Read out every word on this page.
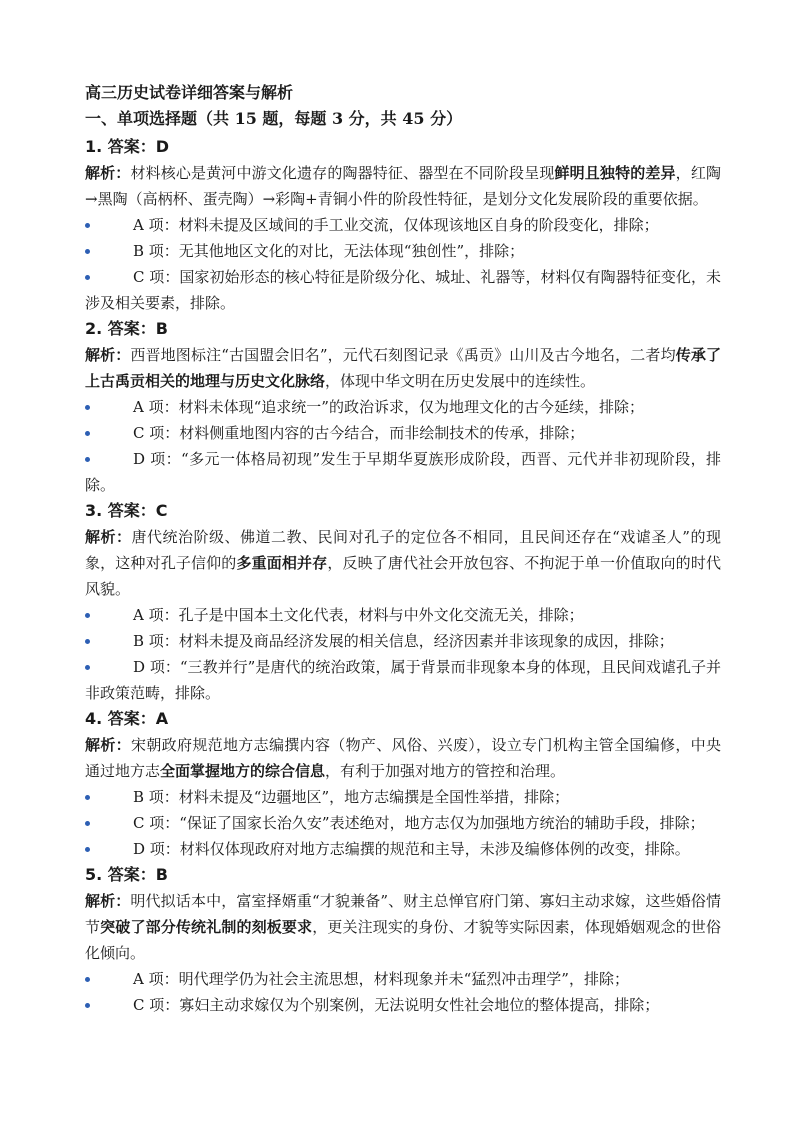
高三历史试卷详细答案与解析
一、单项选择题（共 15 题，每题 3 分，共 45 分）
1. 答案：D
解析：材料核心是黄河中游文化遗存的陶器特征、器型在不同阶段呈现鲜明且独特的差异，红陶→黑陶（高柄杯、蛋壳陶）→彩陶+青铜小件的阶段性特征，是划分文化发展阶段的重要依据。
A 项：材料未提及区域间的手工业交流，仅体现该地区自身的阶段变化，排除；
B 项：无其他地区文化的对比，无法体现“独创性”，排除；
C 项：国家初始形态的核心特征是阶级分化、城址、礼器等，材料仅有陶器特征变化，未涉及相关要素，排除。
2. 答案：B
解析：西晋地图标注“古国盟会旧名”，元代石刻图记录《禹贡》山川及古今地名，二者均传承了上古禹贡相关的地理与历史文化脉络，体现中华文明在历史发展中的连续性。
A 项：材料未体现“追求统一”的政治诉求，仅为地理文化的古今延续，排除；
C 项：材料侧重地图内容的古今结合，而非绘制技术的传承，排除；
D 项：“多元一体格局初现”发生于早期华夏族形成阶段，西晋、元代并非初现阶段，排除。
3. 答案：C
解析：唐代统治阶级、佛道二教、民间对孔子的定位各不相同，且民间还存在“戏谑圣人”的现象，这种对孔子信仰的多重面相并存，反映了唐代社会开放包容、不拘泥于单一价值取向的时代风貌。
A 项：孔子是中国本土文化代表，材料与中外文化交流无关，排除；
B 项：材料未提及商品经济发展的相关信息，经济因素并非该现象的成因，排除；
D 项：“三教并行”是唐代的统治政策，属于背景而非现象本身的体现，且民间戏谑孔子并非政策范畴，排除。
4. 答案：A
解析：宋朝政府规范地方志编撰内容（物产、风俗、兴废），设立专门机构主管全国编修，中央通过地方志全面掌握地方的综合信息，有利于加强对地方的管控和治理。
B 项：材料未提及“边疆地区”，地方志编撰是全国性举措，排除；
C 项：“保证了国家长治久安”表述绝对，地方志仅为加强地方统治的辅助手段，排除；
D 项：材料仅体现政府对地方志编撰的规范和主导，未涉及编修体例的改变，排除。
5. 答案：B
解析：明代拟话本中，富室择婿重“才貌兼备”、财主总惮官府门第、寡妇主动求嫁，这些婚俗情节突破了部分传统礼制的刻板要求，更关注现实的身份、才貌等实际因素，体现婚姻观念的世俗化倾向。
A 项：明代理学仍为社会主流思想，材料现象并未“猛烈冲击理学”，排除；
C 项：寡妇主动求嫁仅为个别案例，无法说明女性社会地位的整体提高，排除；
